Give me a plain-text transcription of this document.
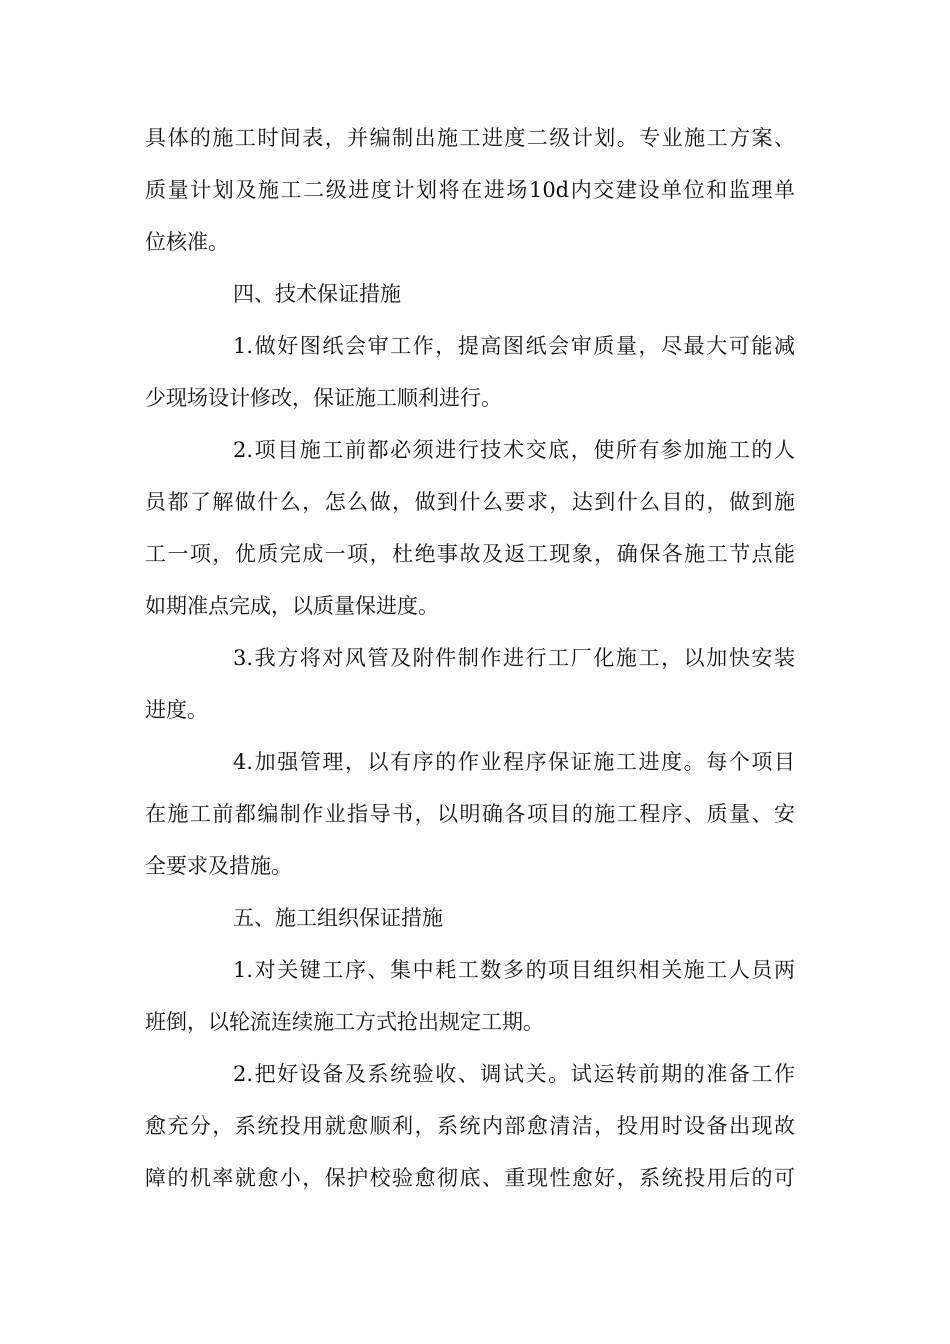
具体的施工时间表，并编制出施工进度二级计划。专业施工方案、
质量计划及施工二级进度计划将在进场10d内交建设单位和监理单
位核准。
四、技术保证措施
1.做好图纸会审工作，提高图纸会审质量，尽最大可能减
少现场设计修改，保证施工顺利进行。
2.项目施工前都必须进行技术交底，使所有参加施工的人
员都了解做什么，怎么做，做到什么要求，达到什么目的，做到施
工一项，优质完成一项，杜绝事故及返工现象，确保各施工节点能
如期准点完成，以质量保进度。
3.我方将对风管及附件制作进行工厂化施工，以加快安装
进度。
4.加强管理，以有序的作业程序保证施工进度。每个项目
在施工前都编制作业指导书，以明确各项目的施工程序、质量、安
全要求及措施。
五、施工组织保证措施
1.对关键工序、集中耗工数多的项目组织相关施工人员两
班倒，以轮流连续施工方式抢出规定工期。
2.把好设备及系统验收、调试关。试运转前期的准备工作
愈充分，系统投用就愈顺利，系统内部愈清洁，投用时设备出现故
障的机率就愈小，保护校验愈彻底、重现性愈好，系统投用后的可
